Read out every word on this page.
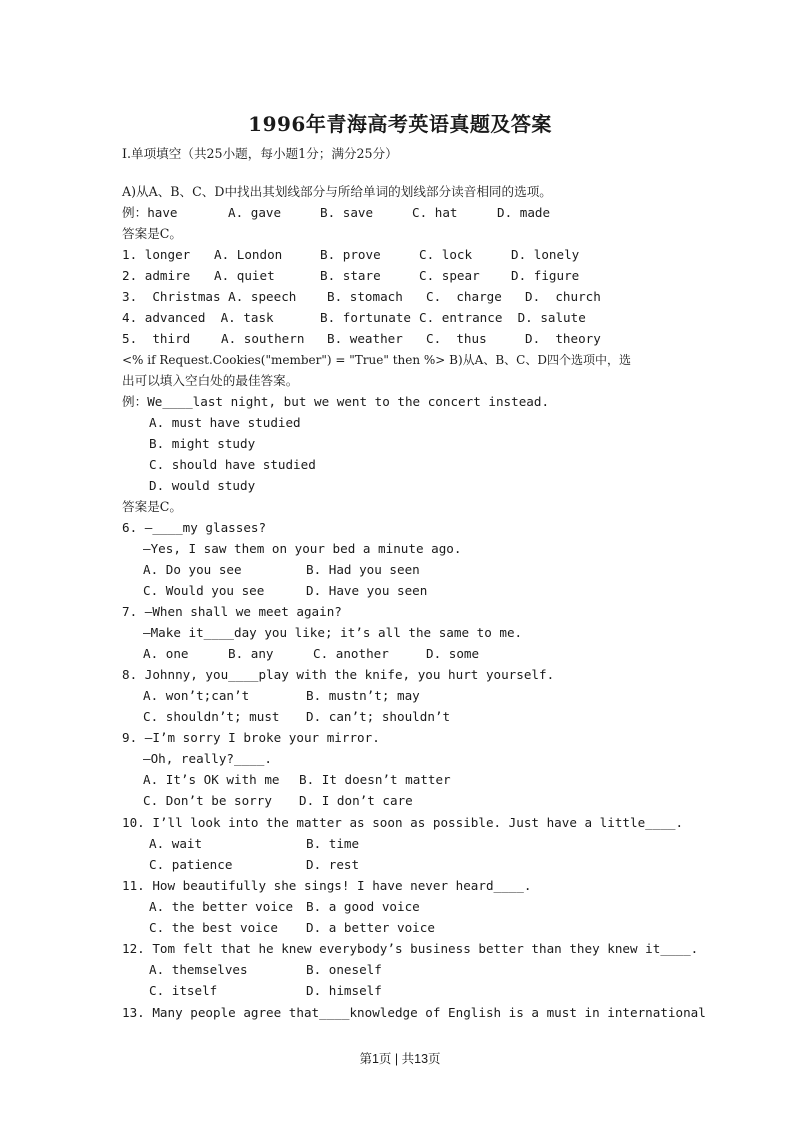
1996年青海高考英语真题及答案
Ⅰ.单项填空（共25小题，每小题1分；满分25分）
A)从A、B、C、D中找出其划线部分与所给单词的划线部分读音相同的选项。
例：have	A. gave	B. save	C. hat	D. made
答案是C。
1. longer A. London	B. prove	C. lock	D. lonely
2. admire A. quiet	B. stare	C. spear D. figure
3.  Christmas A. speech B. stomach C.  charge D.  church
4. advanced  A. task	B. fortunate C. entrance  D. salute
5.  third A. southern B. weather C.  thus	D.  theory
<% if Request.Cookies("member") = "True" then %> B)从A、B、C、D四个选项中，选
出可以填入空白处的最佳答案。
例：We____last night, but we went to the concert instead.
A. must have studied
B. might study
C. should have studied
D. would study
答案是C。
6. —____my glasses?
—Yes, I saw them on your bed a minute ago.
A. Do you see	B. Had you seen
C. Would you see	D. Have you seen
7. —When shall we meet again?
—Make it____day you like; it’s all the same to me.
A. one	B. any	C. another	D. some
8. Johnny, you____play with the knife, you hurt yourself.
A. won’t;can’t	B. mustn’t; may
C. shouldn’t; must D. can’t; shouldn’t
9. —I’m sorry I broke your mirror.
—Oh, really?____.
A. It’s OK with me B. It doesn’t matter
C. Don’t be sorry D. I don’t care
10. I’ll look into the matter as soon as possible. Just have a little____.
A. wait	B. time
C. patience	D. rest
11. How beautifully she sings! I have never heard____.
A. the better voice B. a good voice
C. the best voice D. a better voice
12. Tom felt that he knew everybody’s business better than they knew it____.
A. themselves	B. oneself
C. itself	D. himself
13. Many people agree that____knowledge of English is a must in international
第1页 | 共13页
